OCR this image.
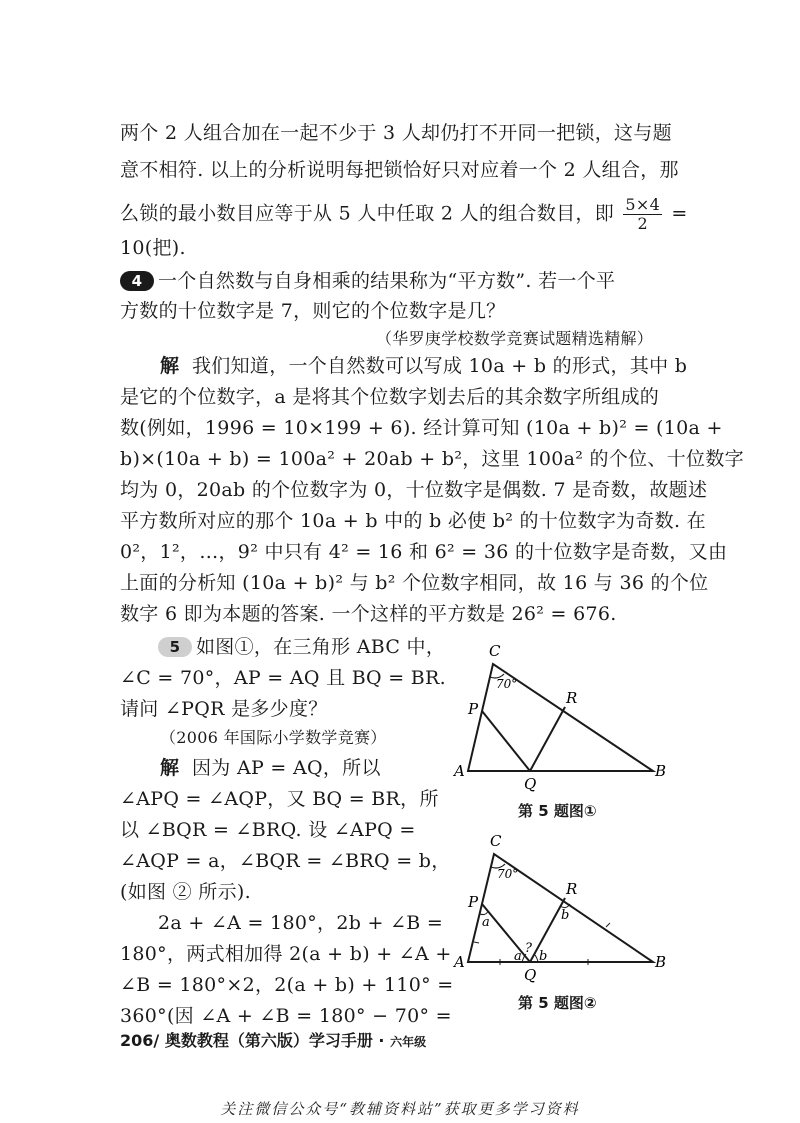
两个 2 人组合加在一起不少于 3 人却仍打不开同一把锁，这与题
意不相符. 以上的分析说明每把锁恰好只对应着一个 2 人组合，那
么锁的最小数目应等于从 5 人中任取 2 人的组合数目，即 $\frac{5\times 4}{2}$ =
10(把).
4 一个自然数与自身相乘的结果称为“平方数”. 若一个平
方数的十位数字是 7，则它的个位数字是几？
（华罗庚学校数学竞赛试题精选精解）
解 我们知道，一个自然数可以写成 10a + b 的形式，其中 b
是它的个位数字，a 是将其个位数字划去后的其余数字所组成的
数(例如，1996 = 10×199 + 6). 经计算可知 (10a + b)² = (10a +
b)×(10a + b) = 100a² + 20ab + b²，这里 100a² 的个位、十位数字
均为 0，20ab 的个位数字为 0，十位数字是偶数. 7 是奇数，故题述
平方数所对应的那个 10a + b 中的 b 必使 b² 的十位数字为奇数. 在
0²，1²，…，9² 中只有 4² = 16 和 6² = 36 的十位数字是奇数，又由
上面的分析知 (10a + b)² 与 b² 个位数字相同，故 16 与 36 的个位
数字 6 即为本题的答案. 一个这样的平方数是 26² = 676.
5 如图①，在三角形 ABC 中，
∠C = 70°，AP = AQ 且 BQ = BR.
请问 ∠PQR 是多少度？
（2006 年国际小学数学竞赛）
解 因为 AP = AQ，所以
∠APQ = ∠AQP，又 BQ = BR，所
以 ∠BQR = ∠BRQ. 设 ∠APQ =
∠AQP = a，∠BQR = ∠BRQ = b，
(如图 ② 所示).
2a + ∠A = 180°，2b + ∠B =
180°，两式相加得 2(a + b) + ∠A +
∠B = 180°×2，2(a + b) + 110° =
360°(因 ∠A + ∠B = 180° − 70° =
C
70°
P
R
A
Q
B
第 5 题图①
C
70°
P
a
R
b
?
a b
A
Q
B
第 5 题图②
206/ 奥数教程（第六版）学习手册 · 六年级
关注微信公众号“教辅资料站”获取更多学习资料
